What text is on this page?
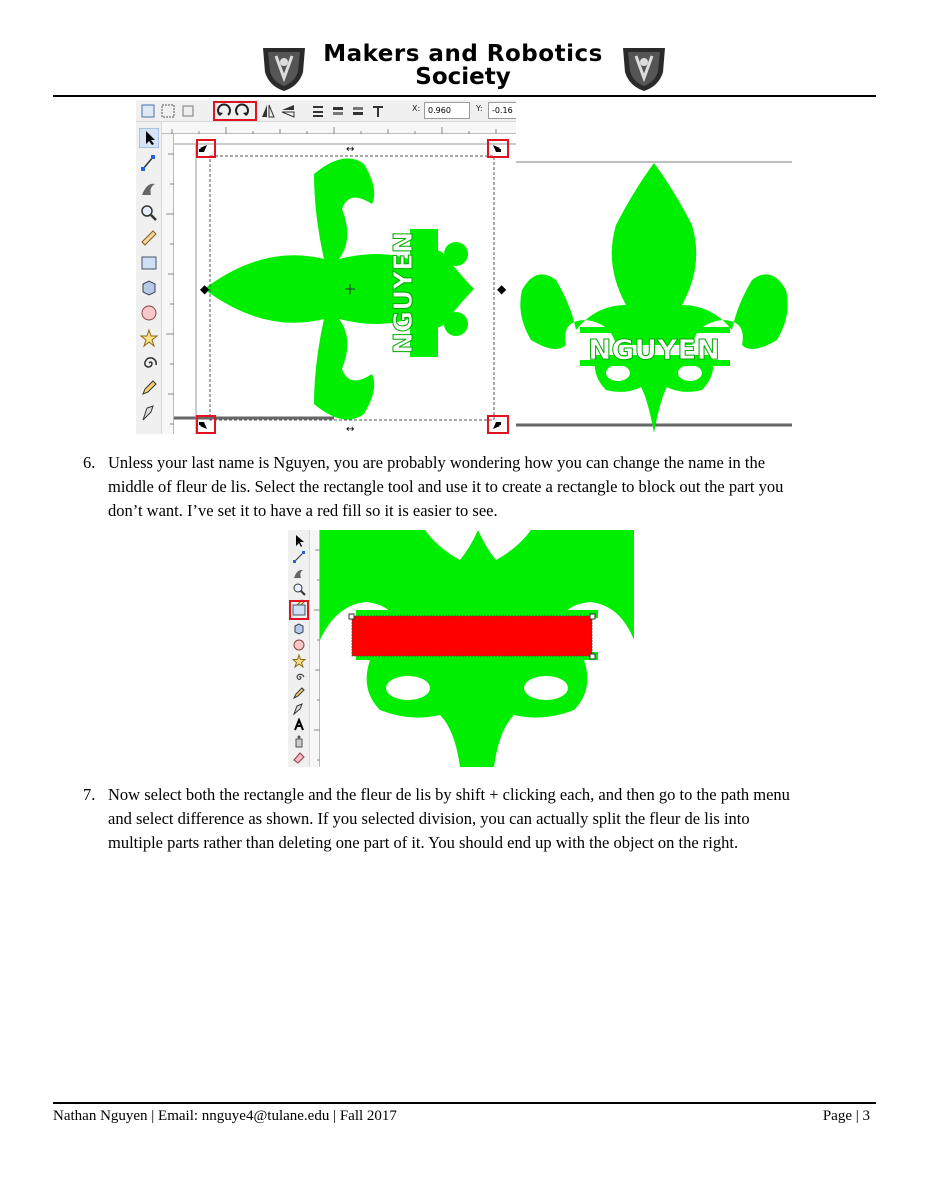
Makers and Robotics
Society
X: 0.960	Y:	-0.16
NGUYEN
◆	◆
↔
↔
NGUYEN
6. Unless your last name is Nguyen, you are probably wondering how you can change the name in the
middle of fleur de lis. Select the rectangle tool and use it to create a rectangle to block out the part you
don’t want. I’ve set it to have a red fill so it is easier to see.
7. Now select both the rectangle and the fleur de lis by shift + clicking each, and then go to the path menu
and select difference as shown. If you selected division, you can actually split the fleur de lis into
multiple parts rather than deleting one part of it. You should end up with the object on the right.
Nathan Nguyen | Email: nnguye4@tulane.edu | Fall 2017	Page | 3
